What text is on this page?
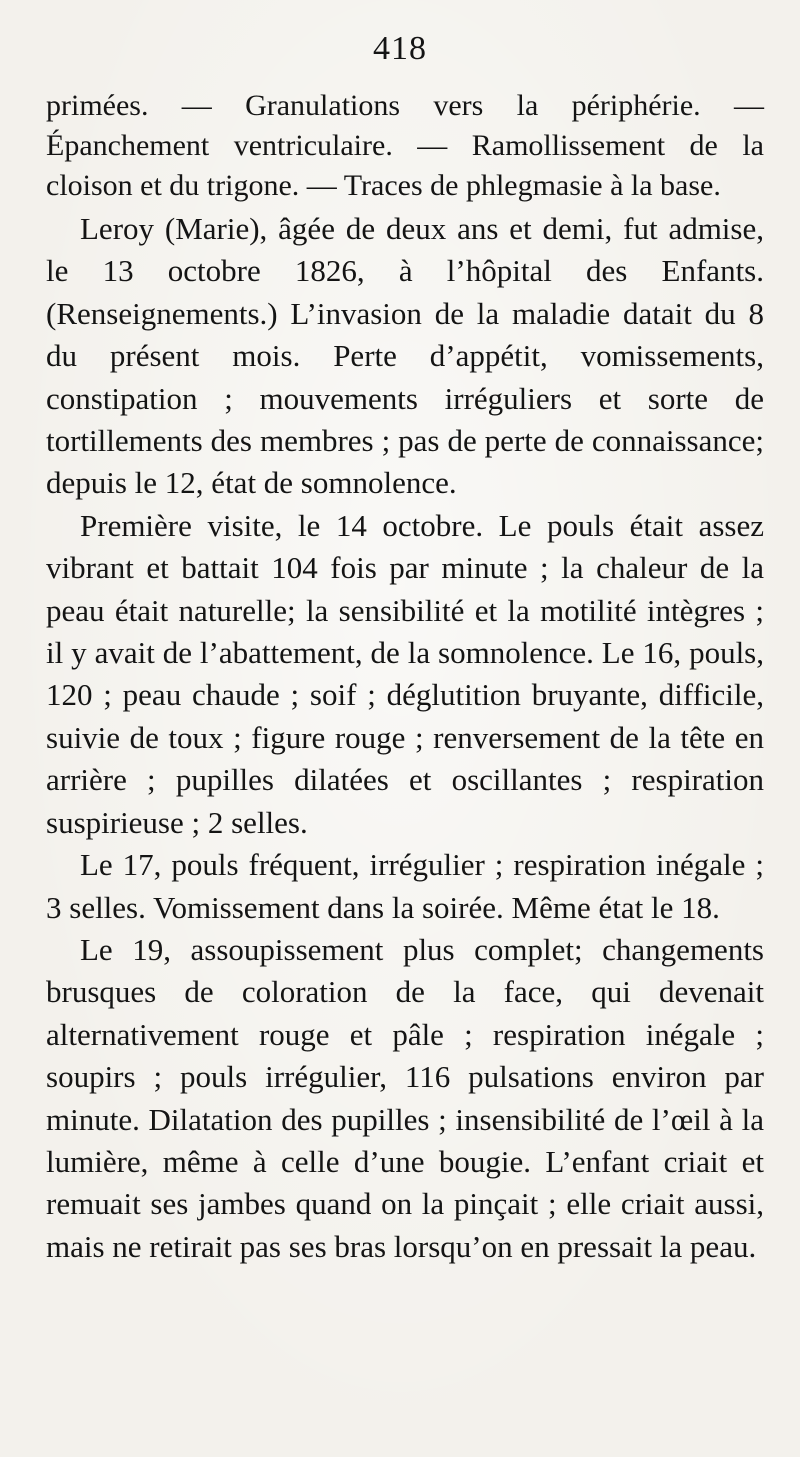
418

primées. — Granulations vers la périphérie. — Épanchement ventriculaire. — Ramollissement de la cloison et du trigone. — Traces de phlegmasie à la base.

Leroy (Marie), âgée de deux ans et demi, fut admise, le 13 octobre 1826, à l’hôpital des Enfants. (Renseignements.) L’invasion de la maladie datait du 8 du présent mois. Perte d’appétit, vomissements, constipation ; mouvements irréguliers et sorte de tortillements des membres ; pas de perte de connaissance; depuis le 12, état de somnolence.

Première visite, le 14 octobre. Le pouls était assez vibrant et battait 104 fois par minute ; la chaleur de la peau était naturelle; la sensibilité et la motilité intègres ; il y avait de l’abattement, de la somnolence. Le 16, pouls, 120 ; peau chaude ; soif ; déglutition bruyante, difficile, suivie de toux ; figure rouge ; renversement de la tête en arrière ; pupilles dilatées et oscillantes ; respiration suspirieuse ; 2 selles.

Le 17, pouls fréquent, irrégulier ; respiration inégale ; 3 selles. Vomissement dans la soirée. Même état le 18.

Le 19, assoupissement plus complet; changements brusques de coloration de la face, qui devenait alternativement rouge et pâle ; respiration inégale ; soupirs ; pouls irrégulier, 116 pulsations environ par minute. Dilatation des pupilles ; insensibilité de l’œil à la lumière, même à celle d’une bougie. L’enfant criait et remuait ses jambes quand on la pinçait ; elle criait aussi, mais ne retirait pas ses bras lorsqu’on en pressait la peau.
